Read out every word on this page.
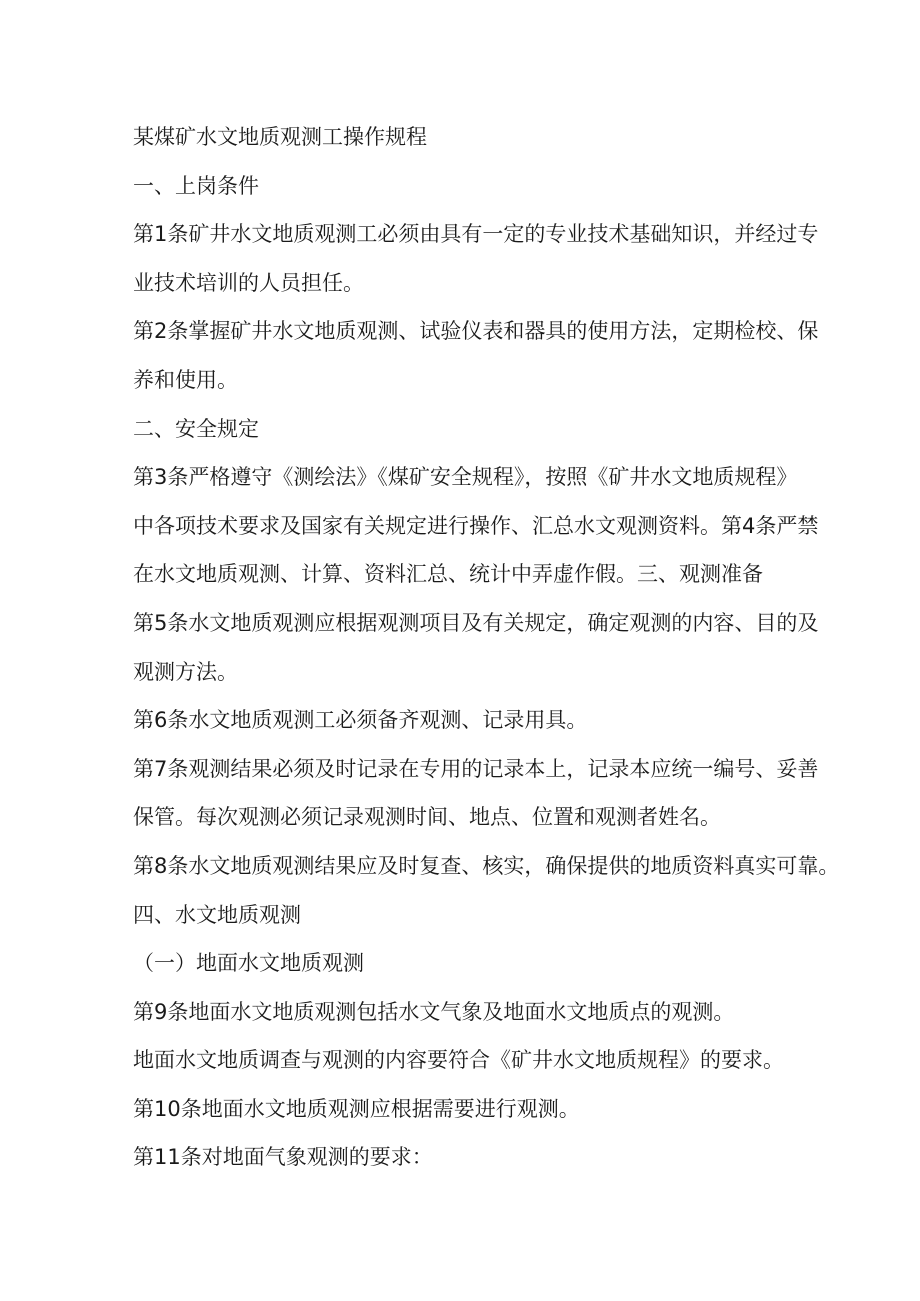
某煤矿水文地质观测工操作规程

一、上岗条件

第1条矿井水文地质观测工必须由具有一定的专业技术基础知识，并经过专

业技术培训的人员担任。

第2条掌握矿井水文地质观测、试验仪表和器具的使用方法，定期检校、保

养和使用。

二、安全规定

第3条严格遵守《测绘法》《煤矿安全规程》，按照《矿井水文地质规程》

中各项技术要求及国家有关规定进行操作、汇总水文观测资料。第4条严禁

在水文地质观测、计算、资料汇总、统计中弄虚作假。三、观测准备

第5条水文地质观测应根据观测项目及有关规定，确定观测的内容、目的及

观测方法。

第6条水文地质观测工必须备齐观测、记录用具。

第7条观测结果必须及时记录在专用的记录本上，记录本应统一编号、妥善

保管。每次观测必须记录观测时间、地点、位置和观测者姓名。

第8条水文地质观测结果应及时复查、核实，确保提供的地质资料真实可靠。

四、水文地质观测

（一）地面水文地质观测

第9条地面水文地质观测包括水文气象及地面水文地质点的观测。

地面水文地质调查与观测的内容要符合《矿井水文地质规程》的要求。

第10条地面水文地质观测应根据需要进行观测。

第11条对地面气象观测的要求：
